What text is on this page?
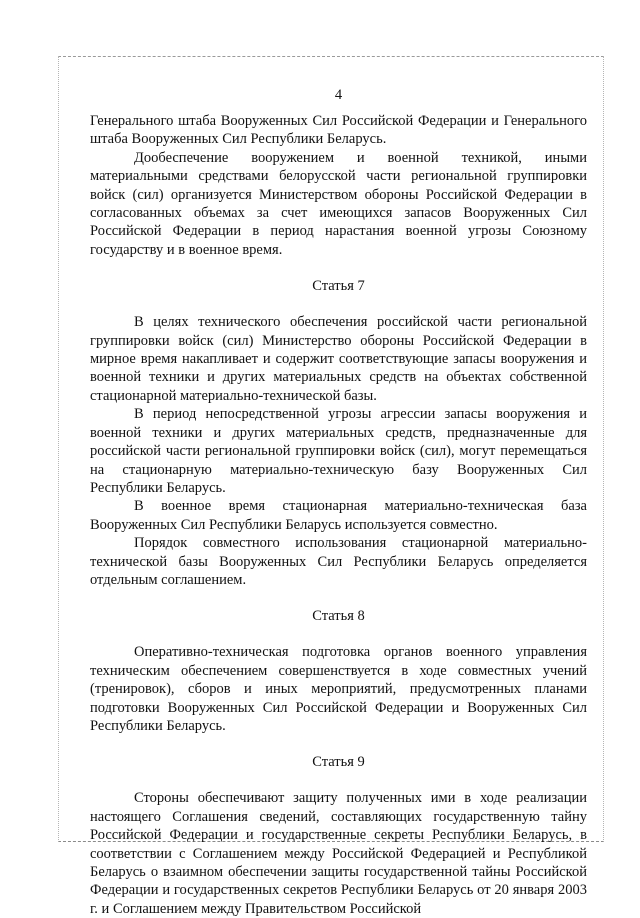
4

Генерального штаба Вооруженных Сил Российской Федерации и Генерального штаба Вооруженных Сил Республики Беларусь.

Дообеспечение вооружением и военной техникой, иными материальными средствами белорусской части региональной группировки войск (сил) организуется Министерством обороны Российской Федерации в согласованных объемах за счет имеющихся запасов Вооруженных Сил Российской Федерации в период нарастания военной угрозы Союзному государству и в военное время.

Статья 7

В целях технического обеспечения российской части региональной группировки войск (сил) Министерство обороны Российской Федерации в мирное время накапливает и содержит соответствующие запасы вооружения и военной техники и других материальных средств на объектах собственной стационарной материально-технической базы.

В период непосредственной угрозы агрессии запасы вооружения и военной техники и других материальных средств, предназначенные для российской части региональной группировки войск (сил), могут перемещаться на стационарную материально-техническую базу Вооруженных Сил Республики Беларусь.

В военное время стационарная материально-техническая база Вооруженных Сил Республики Беларусь используется совместно.

Порядок совместного использования стационарной материально-технической базы Вооруженных Сил Республики Беларусь определяется отдельным соглашением.

Статья 8

Оперативно-техническая подготовка органов военного управления техническим обеспечением совершенствуется в ходе совместных учений (тренировок), сборов и иных мероприятий, предусмотренных планами подготовки Вооруженных Сил Российской Федерации и Вооруженных Сил Республики Беларусь.

Статья 9

Стороны обеспечивают защиту полученных ими в ходе реализации настоящего Соглашения сведений, составляющих государственную тайну Российской Федерации и государственные секреты Республики Беларусь, в соответствии с Соглашением между Российской Федерацией и Республикой Беларусь о взаимном обеспечении защиты государственной тайны Российской Федерации и государственных секретов Республики Беларусь от 20 января 2003 г. и Соглашением между Правительством Российской
